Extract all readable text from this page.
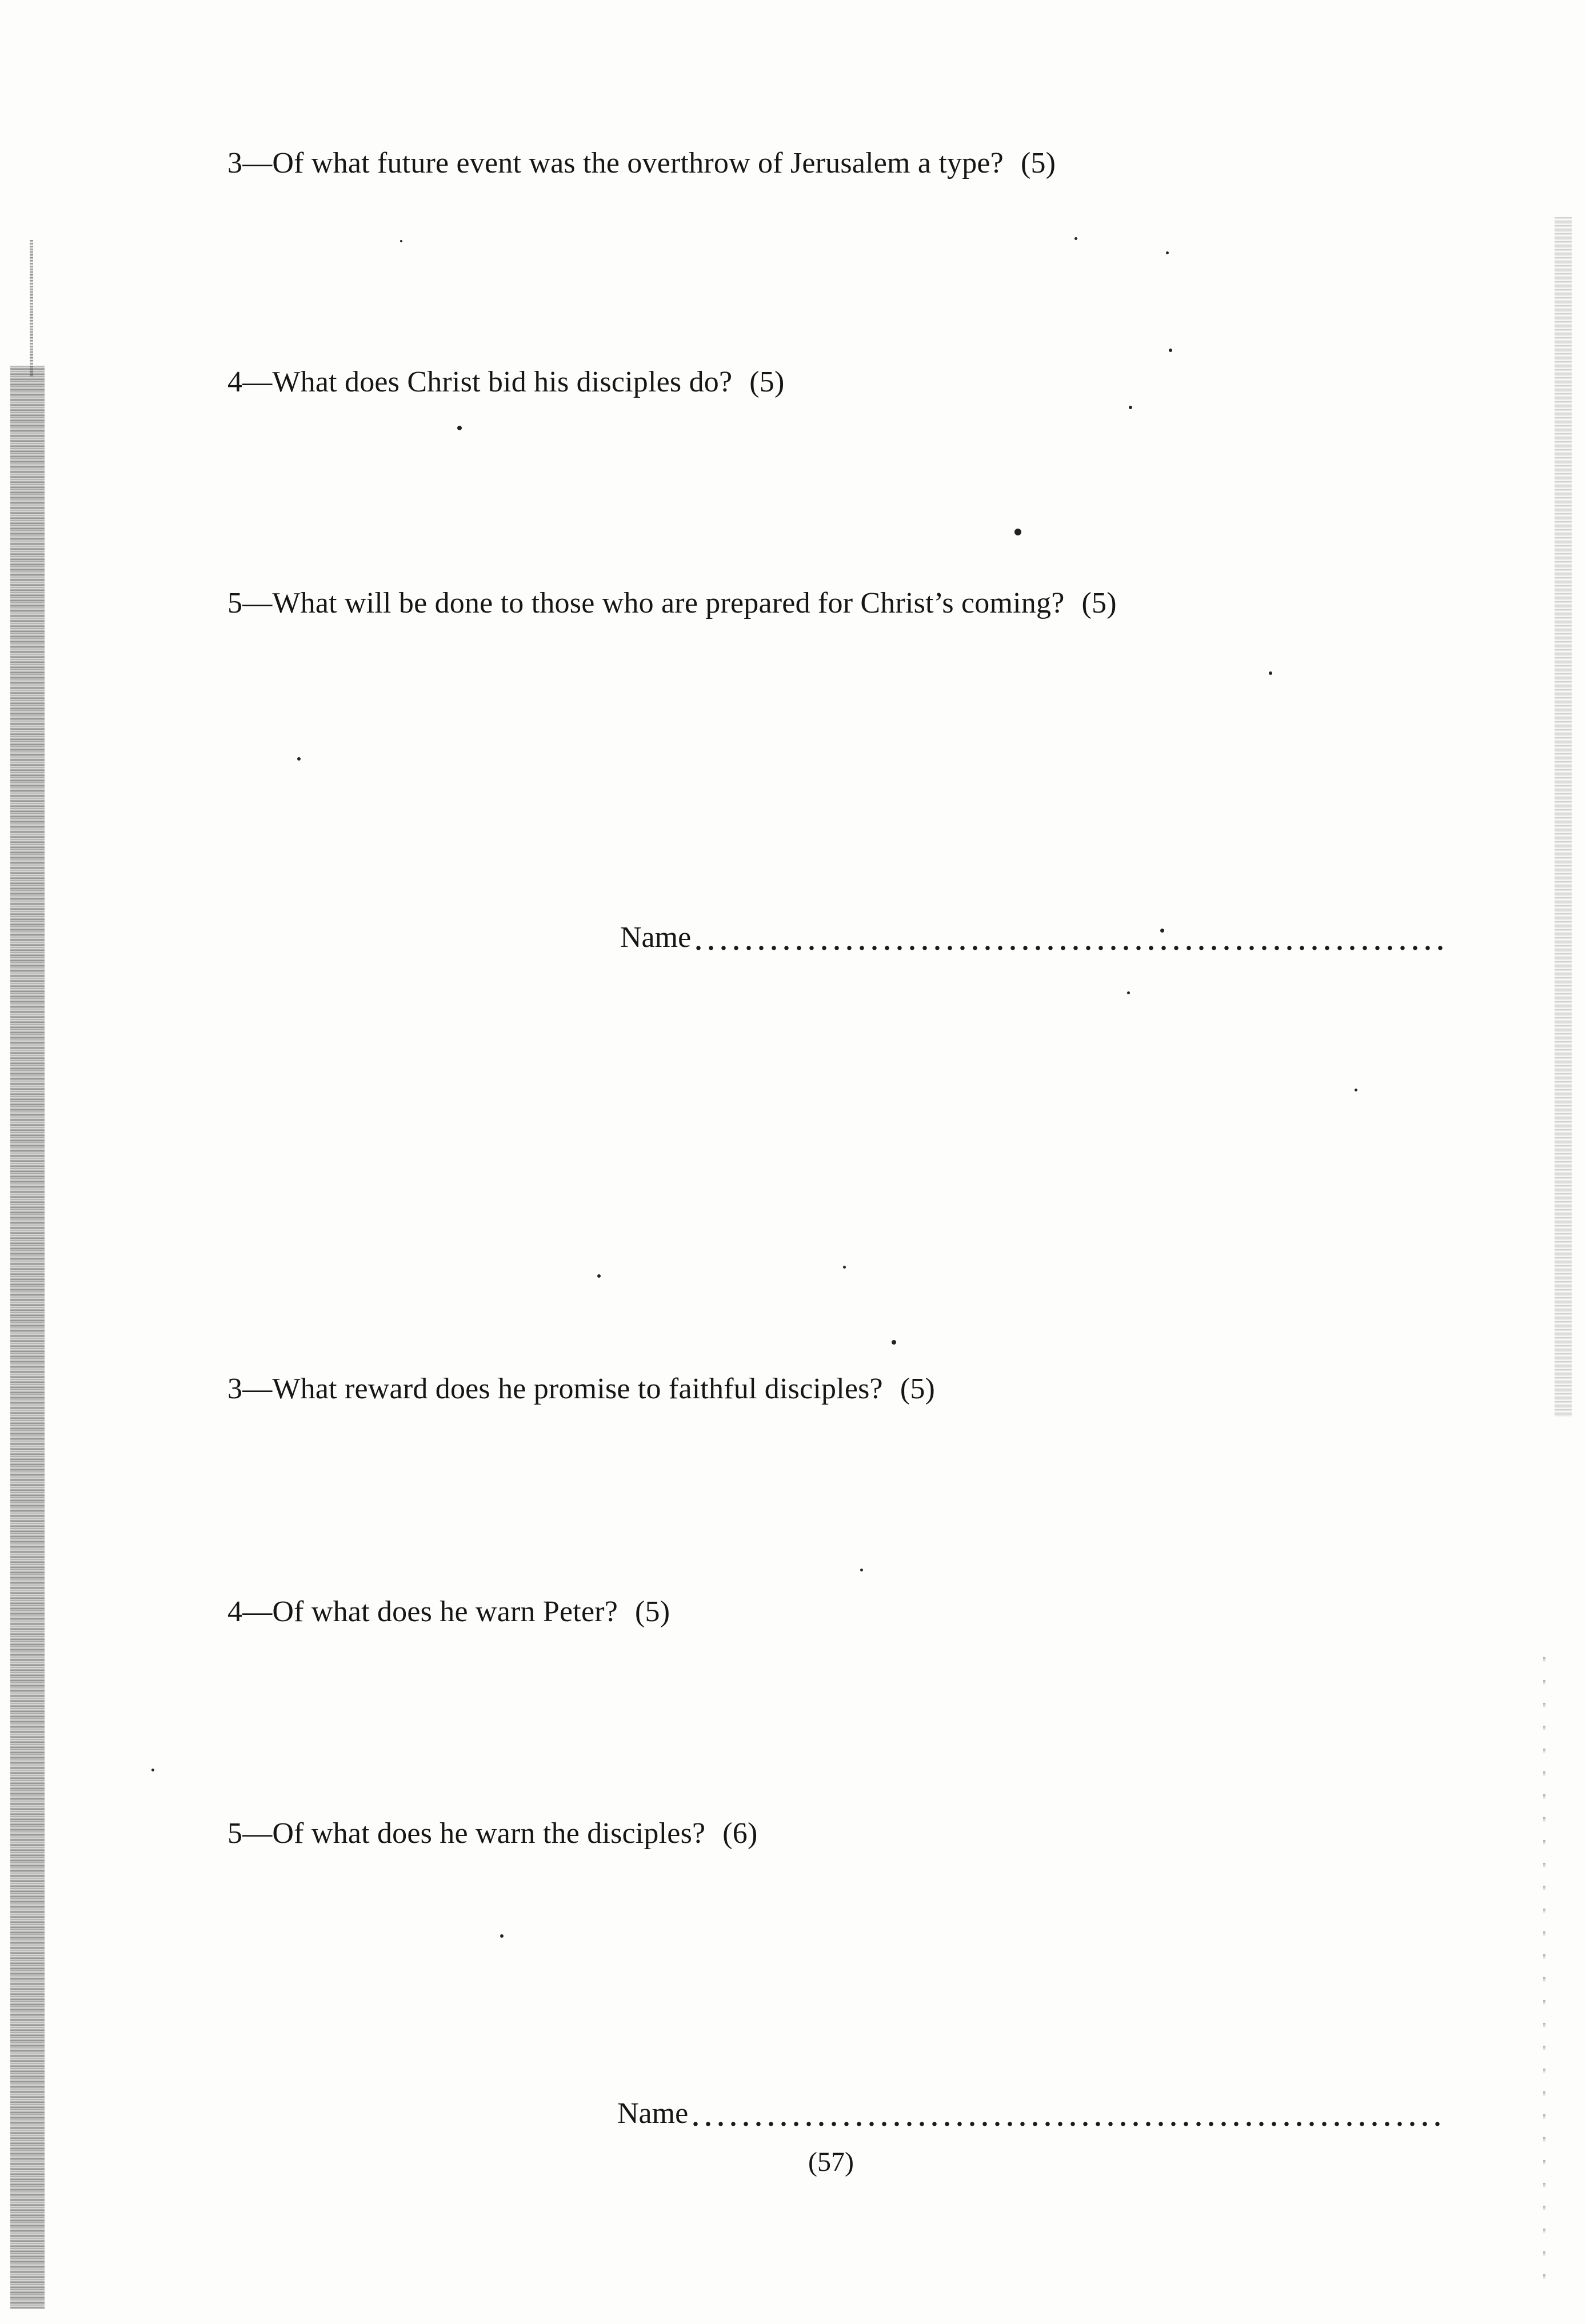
3—Of what future event was the overthrow of Jerusalem a type? (5)
4—What does Christ bid his disciples do? (5)
5—What will be done to those who are prepared for Christ’s coming? (5)
Name
3—What reward does he promise to faithful disciples? (5)
4—Of what does he warn Peter? (5)
5—Of what does he warn the disciples? (6)
Name
(57)
